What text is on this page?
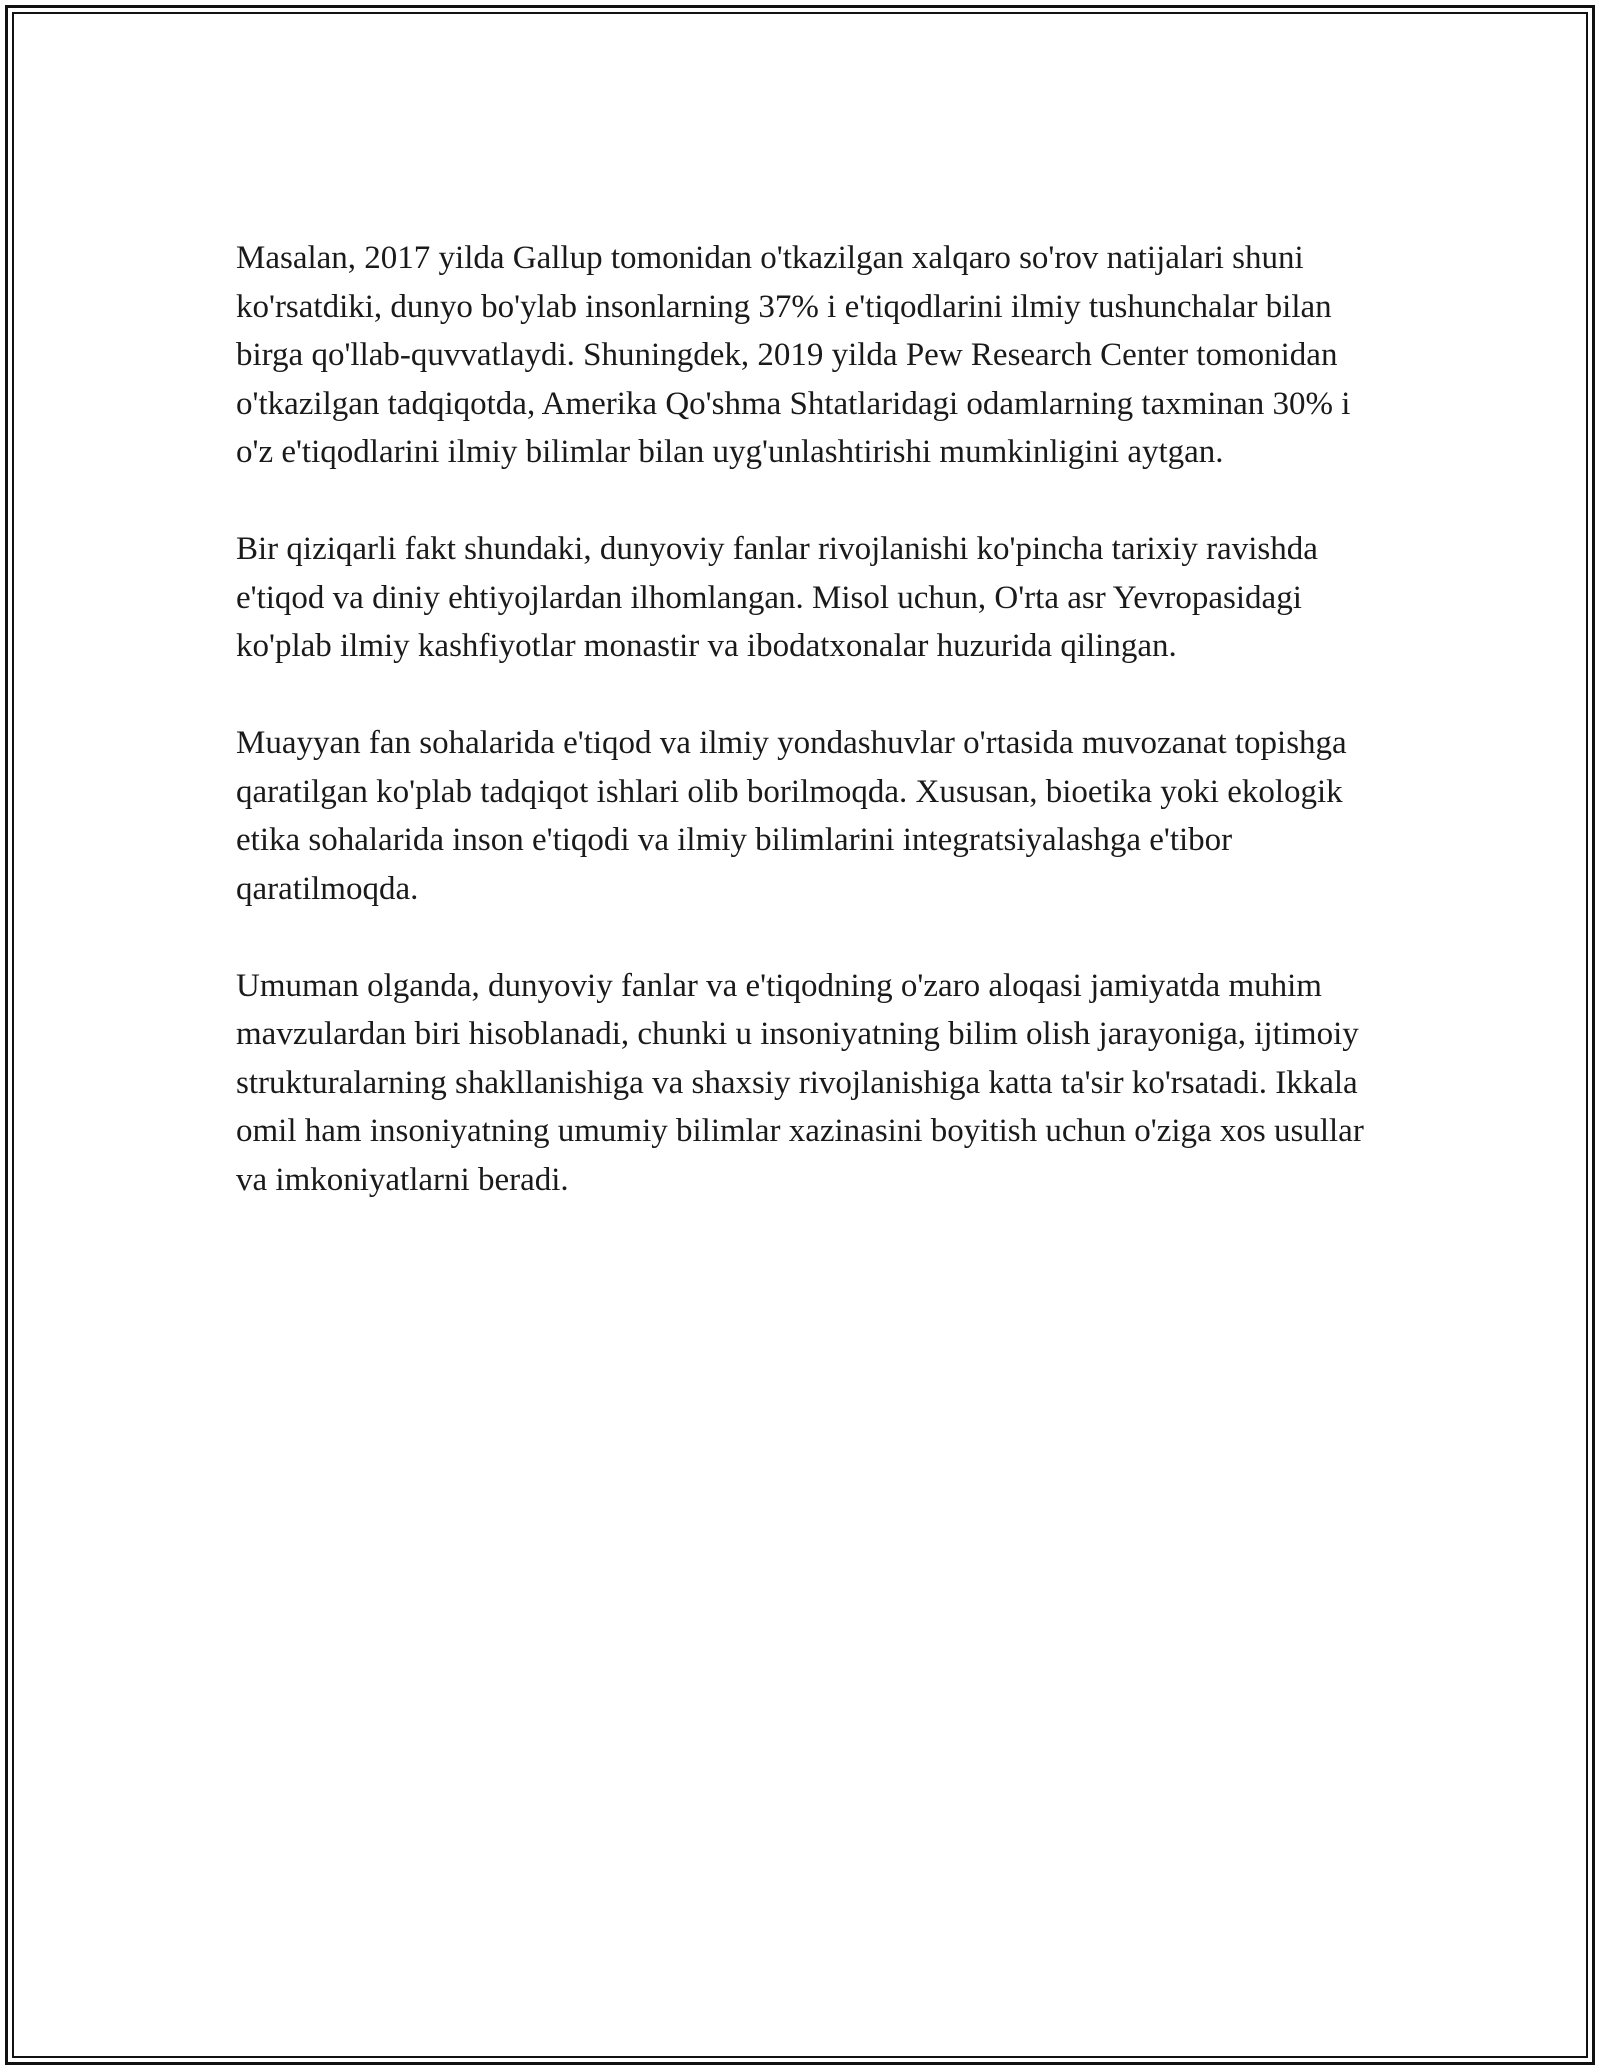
Masalan, 2017 yilda Gallup tomonidan o'tkazilgan xalqaro so'rov natijalari shuni ko'rsatdiki, dunyo bo'ylab insonlarning 37% i e'tiqodlarini ilmiy tushunchalar bilan birga qo'llab-quvvatlaydi. Shuningdek, 2019 yilda Pew Research Center tomonidan o'tkazilgan tadqiqotda, Amerika Qo'shma Shtatlaridagi odamlarning taxminan 30% i o'z e'tiqodlarini ilmiy bilimlar bilan uyg'unlashtirishi mumkinligini aytgan.

Bir qiziqarli fakt shundaki, dunyoviy fanlar rivojlanishi ko'pincha tarixiy ravishda e'tiqod va diniy ehtiyojlardan ilhomlangan. Misol uchun, O'rta asr Yevropasidagi ko'plab ilmiy kashfiyotlar monastir va ibodatxonalar huzurida qilingan.

Muayyan fan sohalarida e'tiqod va ilmiy yondashuvlar o'rtasida muvozanat topishga qaratilgan ko'plab tadqiqot ishlari olib borilmoqda. Xususan, bioetika yoki ekologik etika sohalarida inson e'tiqodi va ilmiy bilimlarini integratsiyalashga e'tibor qaratilmoqda.

Umuman olganda, dunyoviy fanlar va e'tiqodning o'zaro aloqasi jamiyatda muhim mavzulardan biri hisoblanadi, chunki u insoniyatning bilim olish jarayoniga, ijtimoiy strukturalarning shakllanishiga va shaxsiy rivojlanishiga katta ta'sir ko'rsatadi. Ikkala omil ham insoniyatning umumiy bilimlar xazinasini boyitish uchun o'ziga xos usullar va imkoniyatlarni beradi.
